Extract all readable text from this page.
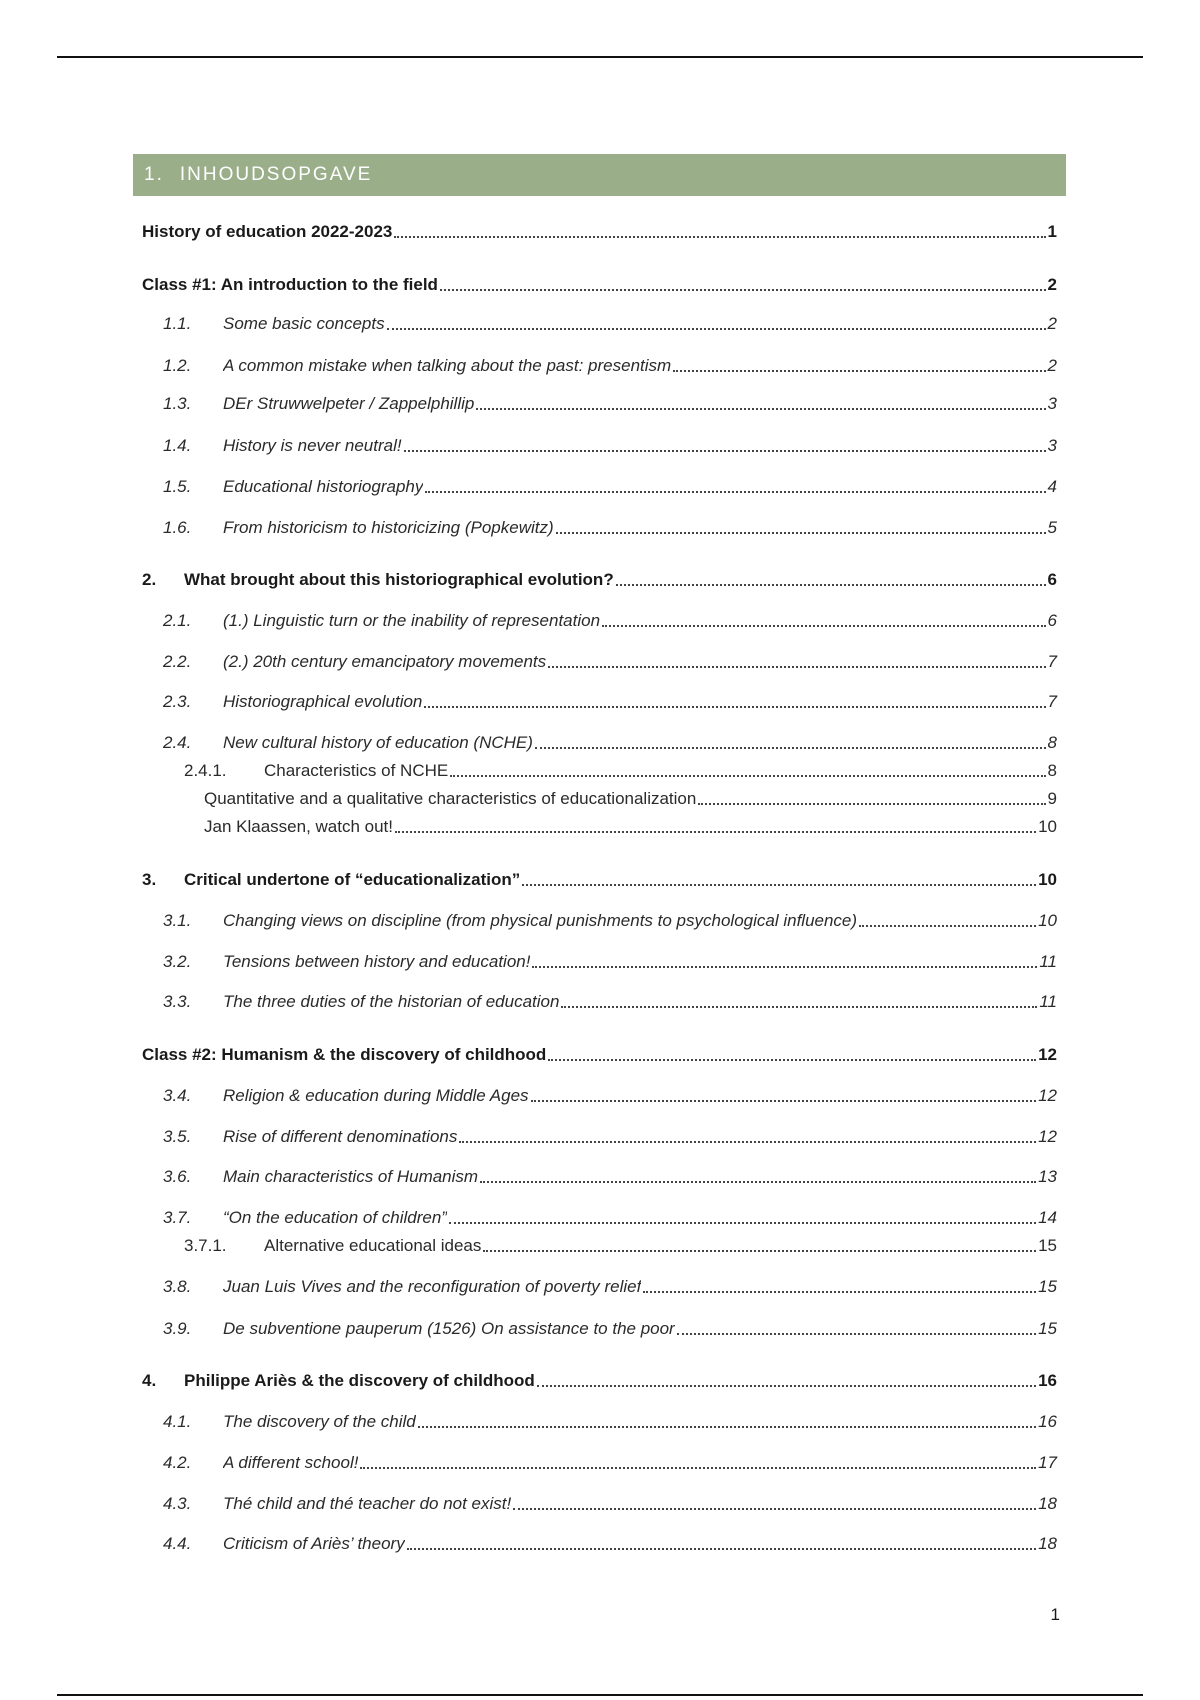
1. INHOUDSOPGAVE
History of education 2022-2023	1
Class #1: An introduction to the field	2
1.1.	Some basic concepts	2
1.2.	A common mistake when talking about the past: presentism	2
1.3.	DEr Struwwelpeter / Zappelphillip	3
1.4.	History is never neutral!	3
1.5.	Educational historiography	4
1.6.	From historicism to historicizing (Popkewitz)	5
2.	What brought about this historiographical evolution?	6
2.1.	(1.) Linguistic turn or the inability of representation	6
2.2.	(2.) 20th century emancipatory movements	7
2.3.	Historiographical evolution	7
2.4.	New cultural history of education (NCHE)	8
2.4.1.	Characteristics of NCHE	8
Quantitative and a qualitative characteristics of educationalization	9
Jan Klaassen, watch out!	10
3.	Critical undertone of “educationalization”	10
3.1.	Changing views on discipline (from physical punishments to psychological influence)	10
3.2.	Tensions between history and education!	11
3.3.	The three duties of the historian of education	11
Class #2: Humanism & the discovery of childhood	12
3.4.	Religion & education during Middle Ages	12
3.5.	Rise of different denominations	12
3.6.	Main characteristics of Humanism	13
3.7.	“On the education of children”	14
3.7.1.	Alternative educational ideas	15
3.8.	Juan Luis Vives and the reconfiguration of poverty relief	15
3.9.	De subventione pauperum (1526) On assistance to the poor	15
4.	Philippe Ariès & the discovery of childhood	16
4.1.	The discovery of the child	16
4.2.	A different school!	17
4.3.	Thé child and thé teacher do not exist!	18
4.4.	Criticism of Ariès’ theory	18
1
